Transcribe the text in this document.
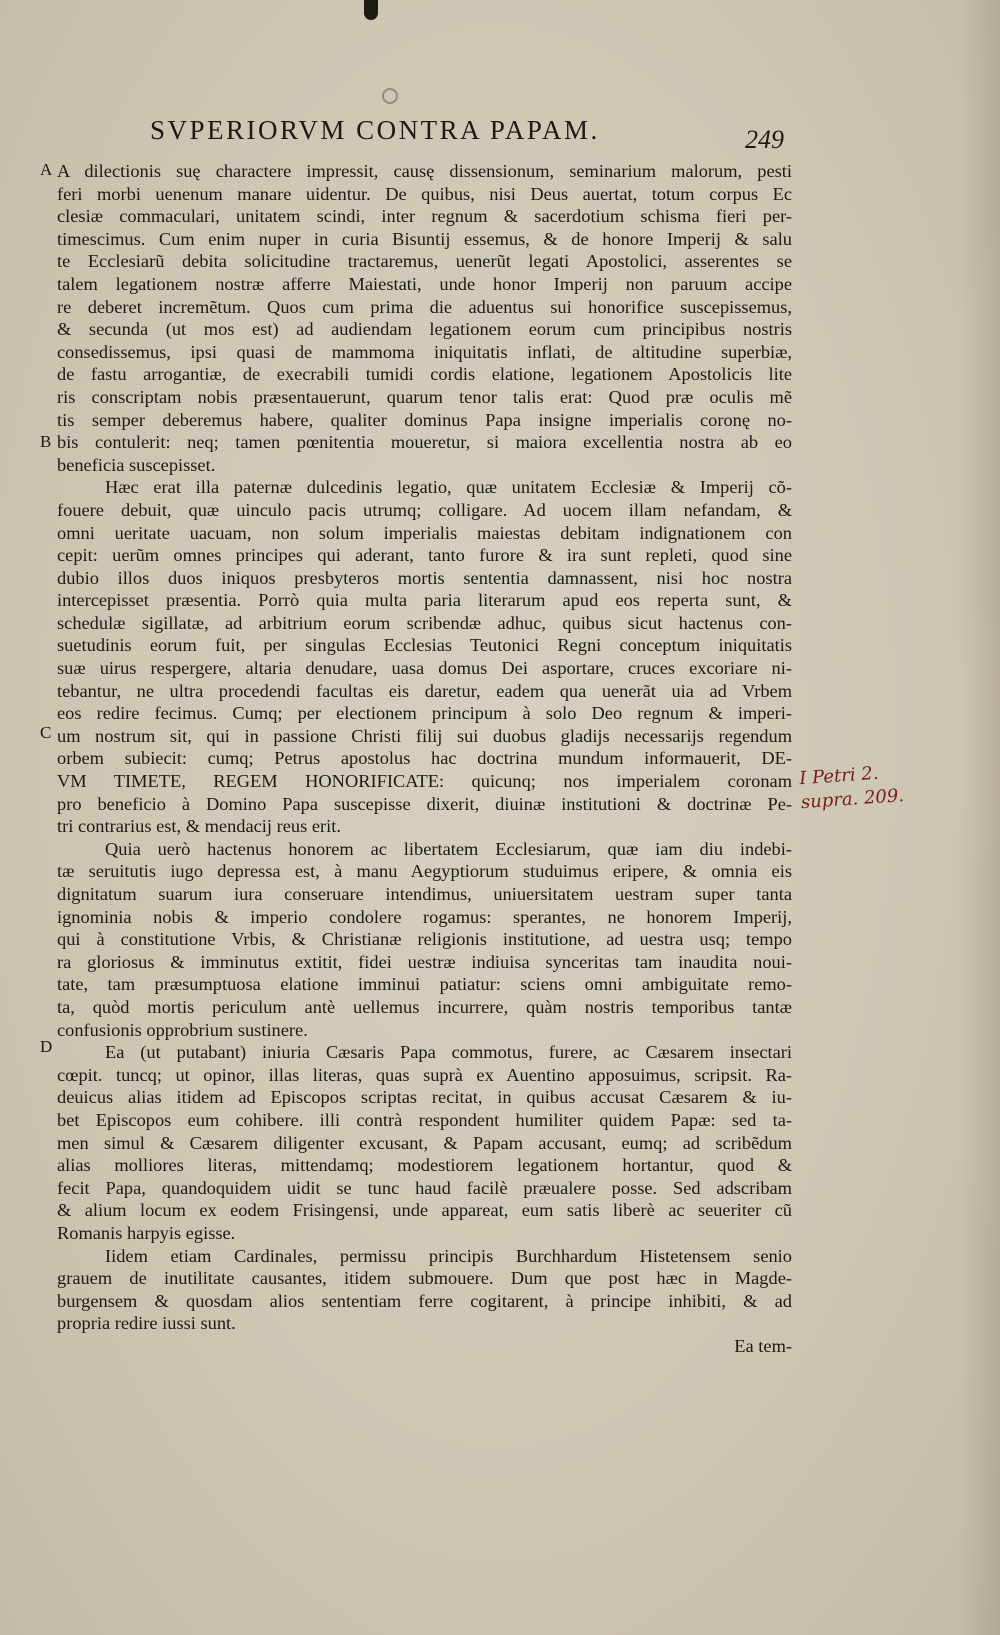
SVPERIORVM CONTRA PAPAM.	249
A
B
C
D
I Petri 2.
supra. 209.
A dilectionis suę charactere impressit, causę dissensionum, seminarium malorum, pesti
feri morbi uenenum manare uidentur. De quibus, nisi Deus auertat, totum corpus Ec
clesiæ commaculari, unitatem scindi, inter regnum & sacerdotium schisma fieri per-
timescimus. Cum enim nuper in curia Bisuntij essemus, & de honore Imperij & salu
te Ecclesiarũ debita solicitudine tractaremus, uenerũt legati Apostolici, asserentes se
talem legationem nostræ afferre Maiestati, unde honor Imperij non paruum accipe
re deberet incremẽtum. Quos cum prima die aduentus sui honorifice suscepissemus,
& secunda (ut mos est) ad audiendam legationem eorum cum principibus nostris
consedissemus, ipsi quasi de mammoma iniquitatis inflati, de altitudine superbiæ,
de fastu arrogantiæ, de execrabili tumidi cordis elatione, legationem Apostolicis lite
ris conscriptam nobis præsentauerunt, quarum tenor talis erat: Quod præ oculis mẽ
tis semper deberemus habere, qualiter dominus Papa insigne imperialis coronę no-
bis contulerit: neq; tamen pœnitentia moueretur, si maiora excellentia nostra ab eo
beneficia suscepisset.
Hæc erat illa paternæ dulcedinis legatio, quæ unitatem Ecclesiæ & Imperij cõ-
fouere debuit, quæ uinculo pacis utrumq; colligare. Ad uocem illam nefandam, &
omni ueritate uacuam, non solum imperialis maiestas debitam indignationem con
cepit: uerũm omnes principes qui aderant, tanto furore & ira sunt repleti, quod sine
dubio illos duos iniquos presbyteros mortis sententia damnassent, nisi hoc nostra
intercepisset præsentia. Porrò quia multa paria literarum apud eos reperta sunt, &
schedulæ sigillatæ, ad arbitrium eorum scribendæ adhuc, quibus sicut hactenus con-
suetudinis eorum fuit, per singulas Ecclesias Teutonici Regni conceptum iniquitatis
suæ uirus respergere, altaria denudare, uasa domus Dei asportare, cruces excoriare ni-
tebantur, ne ultra procedendi facultas eis daretur, eadem qua uenerãt uia ad Vrbem
eos redire fecimus. Cumq; per electionem principum à solo Deo regnum & imperi-
um nostrum sit, qui in passione Christi filij sui duobus gladijs necessarijs regendum
orbem subiecit: cumq; Petrus apostolus hac doctrina mundum informauerit, DE-
VM TIMETE, REGEM HONORIFICATE: quicunq; nos imperialem coronam
pro beneficio à Domino Papa suscepisse dixerit, diuinæ institutioni & doctrinæ Pe-
tri contrarius est, & mendacij reus erit.
Quia uerò hactenus honorem ac libertatem Ecclesiarum, quæ iam diu indebi-
tæ seruitutis iugo depressa est, à manu Aegyptiorum studuimus eripere, & omnia eis
dignitatum suarum iura conseruare intendimus, uniuersitatem uestram super tanta
ignominia nobis & imperio condolere rogamus: sperantes, ne honorem Imperij,
qui à constitutione Vrbis, & Christianæ religionis institutione, ad uestra usq; tempo
ra gloriosus & imminutus extitit, fidei uestræ indiuisa synceritas tam inaudita noui-
tate, tam præsumptuosa elatione imminui patiatur: sciens omni ambiguitate remo-
ta, quòd mortis periculum antè uellemus incurrere, quàm nostris temporibus tantæ
confusionis opprobrium sustinere.
Ea (ut putabant) iniuria Cæsaris Papa commotus, furere, ac Cæsarem insectari
cœpit. tuncq; ut opinor, illas literas, quas suprà ex Auentino apposuimus, scripsit. Ra-
deuicus alias itidem ad Episcopos scriptas recitat, in quibus accusat Cæsarem & iu-
bet Episcopos eum cohibere. illi contrà respondent humiliter quidem Papæ: sed ta-
men simul & Cæsarem diligenter excusant, & Papam accusant, eumq; ad scribẽdum
alias molliores literas, mittendamq; modestiorem legationem hortantur, quod &
fecit Papa, quandoquidem uidit se tunc haud facilè præualere posse. Sed adscribam
& alium locum ex eodem Frisingensi, unde appareat, eum satis liberè ac seueriter cũ
Romanis harpyis egisse.
Iidem etiam Cardinales, permissu principis Burchhardum Histetensem senio
grauem de inutilitate causantes, itidem submouere. Dum que post hæc in Magde-
burgensem & quosdam alios sententiam ferre cogitarent, à principe inhibiti, & ad
propria redire iussi sunt.
Ea tem-
